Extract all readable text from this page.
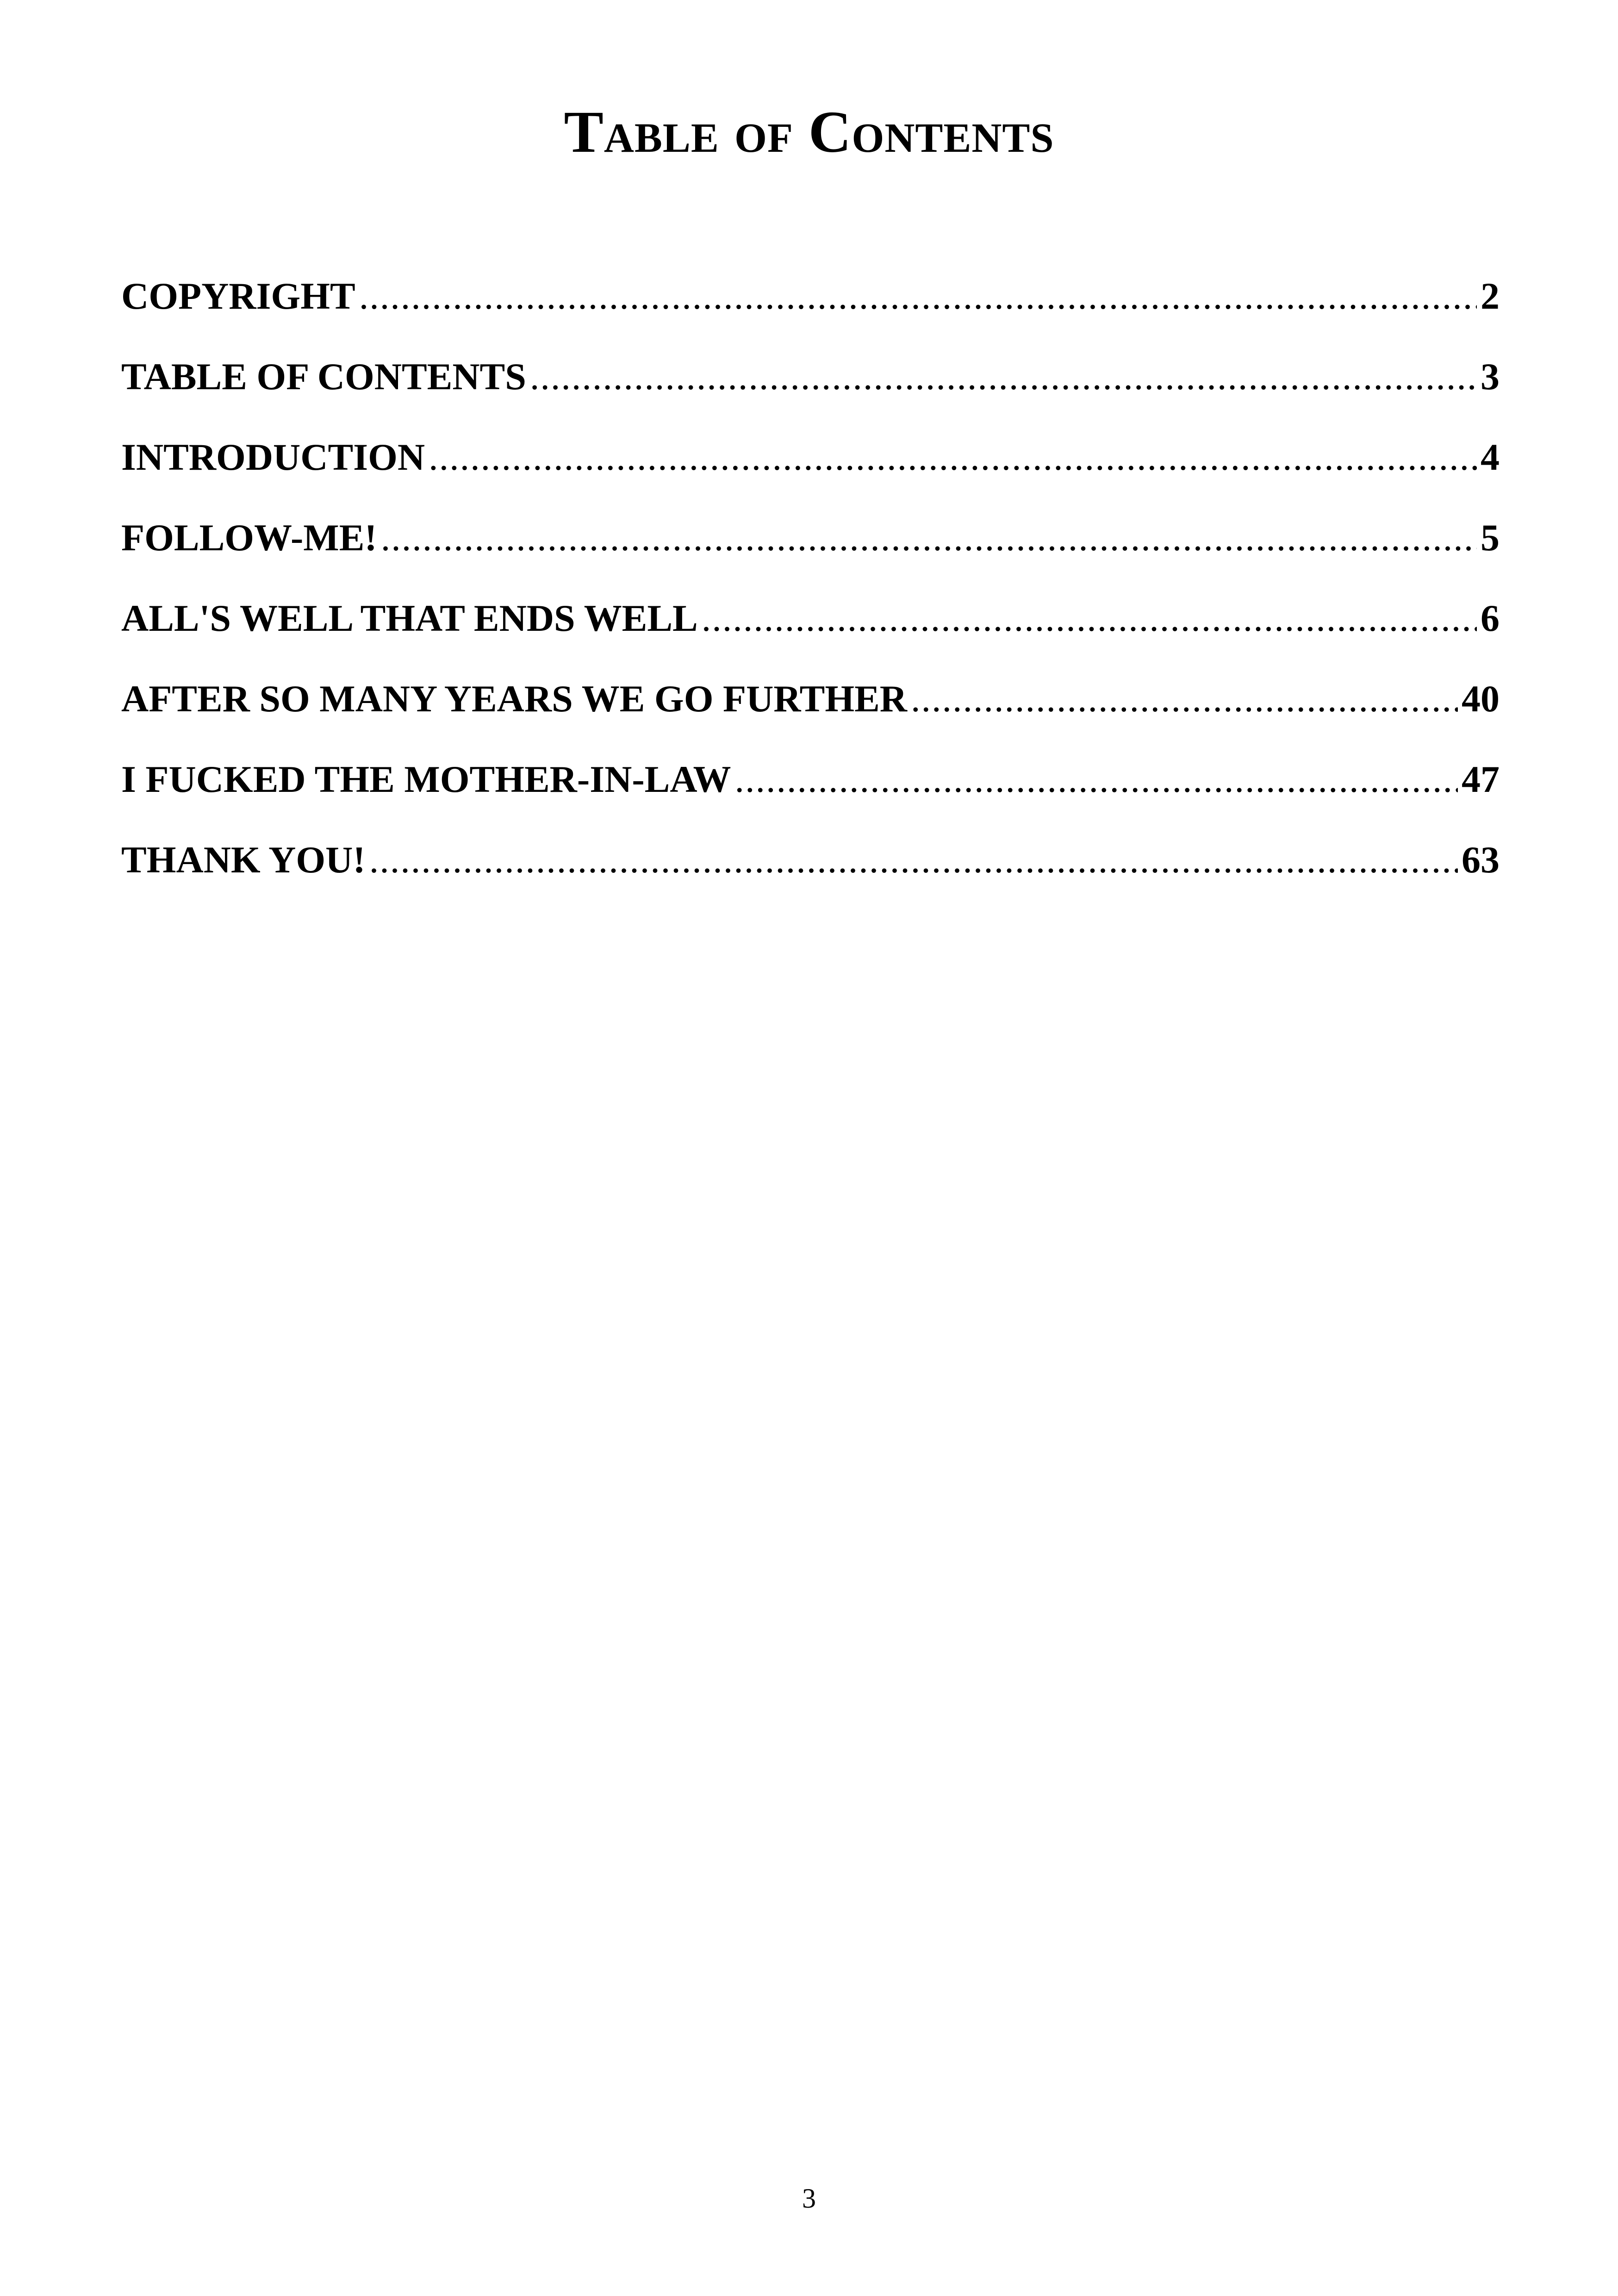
Table of Contents
COPYRIGHT .....	2
TABLE OF CONTENTS .....	3
INTRODUCTION .....	4
FOLLOW-ME! .....	5
ALL'S WELL THAT ENDS WELL .....	6
AFTER SO MANY YEARS WE GO FURTHER .....	40
I FUCKED THE MOTHER-IN-LAW .....	47
THANK YOU! .....	63
3
